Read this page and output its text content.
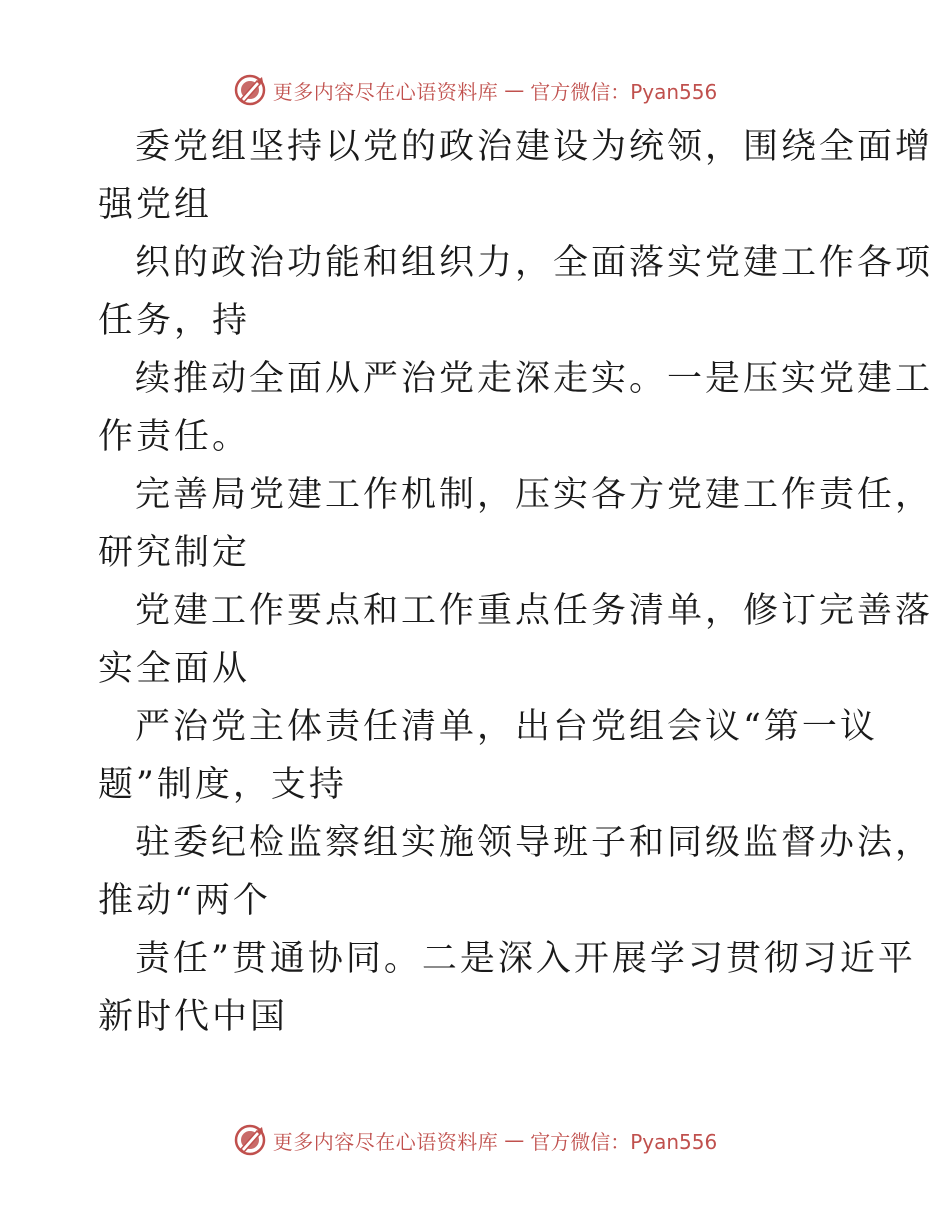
更多内容尽在心语资料库 — 官方微信：Pyan556
委党组坚持以党的政治建设为统领，围绕全面增
强党组
织的政治功能和组织力，全面落实党建工作各项
任务，持
续推动全面从严治党走深走实。一是压实党建工
作责任。
完善局党建工作机制，压实各方党建工作责任，
研究制定
党建工作要点和工作重点任务清单，修订完善落
实全面从
严治党主体责任清单，出台党组会议“第一议
题”制度，支持
驻委纪检监察组实施领导班子和同级监督办法，
推动“两个
责任”贯通协同。二是深入开展学习贯彻习近平
新时代中国
更多内容尽在心语资料库 — 官方微信：Pyan556
